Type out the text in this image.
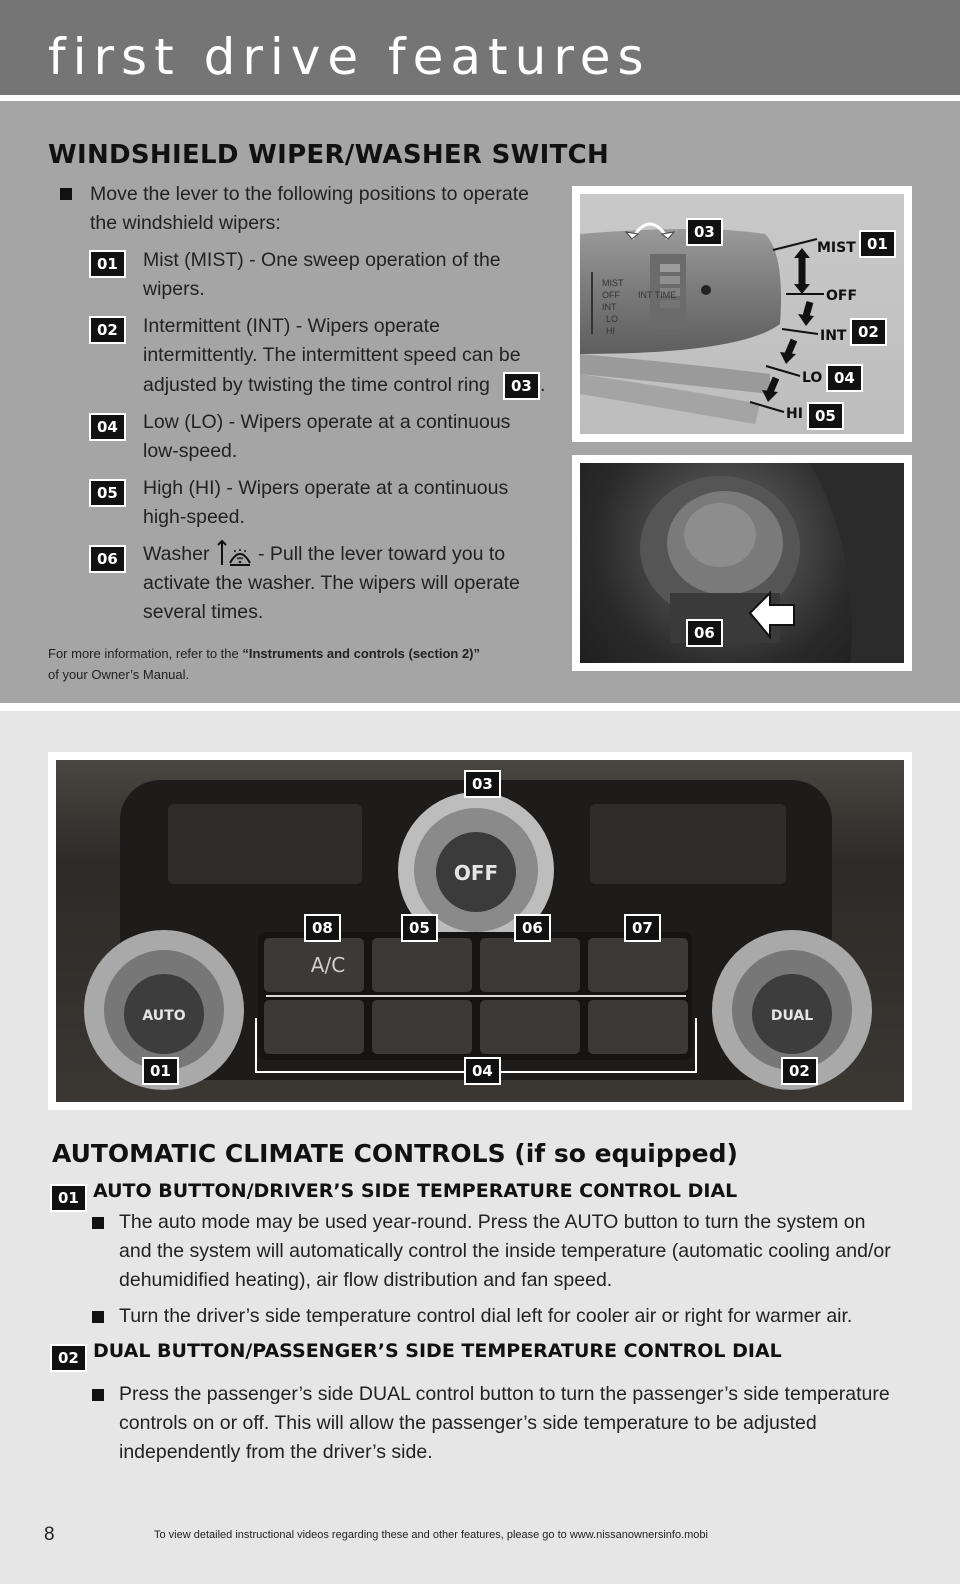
first drive features
WINDSHIELD WIPER/WASHER SWITCH
Move the lever to the following positions to operate
the windshield wipers:
01	Mist (MIST) - One sweep operation of the
wipers.
02	Intermittent (INT) - Wipers operate
intermittently. The intermittent speed can be
adjusted by twisting the time control ring	03 .
04	Low (LO) - Wipers operate at a continuous
low-speed.
05	High (HI) - Wipers operate at a continuous
high-speed.
06	Washer - Pull the lever toward you to
activate the washer. The wipers will operate
several times.
For more information, refer to the “Instruments and controls (section 2)”
of your Owner’s Manual.
MIST
OFF
INT
LO
HI
INT TIME
MIST
OFF
INT
LO
HI
03
01
02
04
05
06
OFF
AUTO	DUAL
A/C
03
08	05	06	07
01	04	02
AUTOMATIC CLIMATE CONTROLS (if so equipped)
01 AUTO BUTTON/DRIVER’S SIDE TEMPERATURE CONTROL DIAL
The auto mode may be used year-round. Press the AUTO button to turn the system on
and the system will automatically control the inside temperature (automatic cooling and/or
dehumidified heating), air flow distribution and fan speed.
Turn the driver’s side temperature control dial left for cooler air or right for warmer air.
02 DUAL BUTTON/PASSENGER’S SIDE TEMPERATURE CONTROL DIAL
Press the passenger’s side DUAL control button to turn the passenger’s side temperature
controls on or off. This will allow the passenger’s side temperature to be adjusted
independently from the driver’s side.
8	To view detailed instructional videos regarding these and other features, please go to www.nissanownersinfo.mobi
